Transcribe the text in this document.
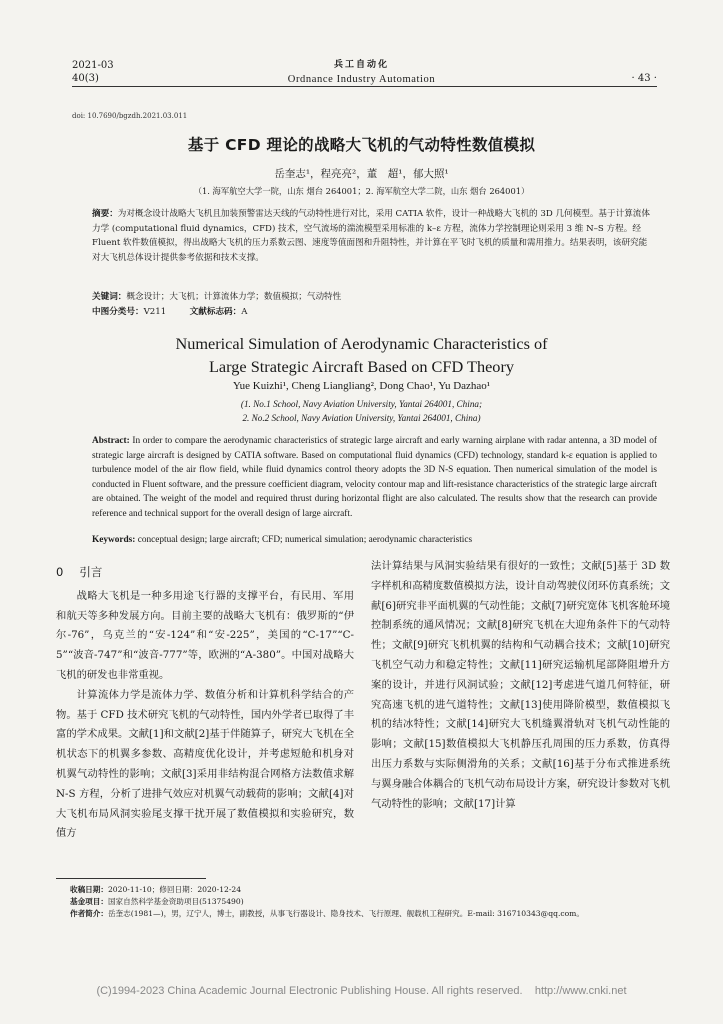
2021-03
40(3)
兵工自动化
Ordnance Industry Automation	· 43 ·
doi: 10.7690/bgzdh.2021.03.011
基于 CFD 理论的战略大飞机的气动特性数值模拟
岳奎志¹，程亮亮²，董　超¹，郁大照¹
（1. 海军航空大学一院，山东 烟台 264001；2. 海军航空大学二院，山东 烟台 264001）
摘要：为对概念设计战略大飞机且加装预警雷达天线的气动特性进行对比，采用 CATIA 软件，设计一种战略大飞机的 3D 几何模型。基于计算流体力学 (computational fluid dynamics，CFD) 技术，空气流场的湍流模型采用标准的 k–ε 方程，流体力学控制理论则采用 3 维 N–S 方程。经 Fluent 软件数值模拟，得出战略大飞机的压力系数云图、速度等值面图和升阻特性，并计算在平飞时飞机的质量和需用推力。结果表明，该研究能对大飞机总体设计提供参考依据和技术支撑。
关键词：概念设计；大飞机；计算流体力学；数值模拟；气动特性
中图分类号：V211	文献标志码：A
Numerical Simulation of Aerodynamic Characteristics of
Large Strategic Aircraft Based on CFD Theory
Yue Kuizhi¹, Cheng Liangliang², Dong Chao¹, Yu Dazhao¹
(1. No.1 School, Navy Aviation University, Yantai 264001, China;
2. No.2 School, Navy Aviation University, Yantai 264001, China)
Abstract: In order to compare the aerodynamic characteristics of strategic large aircraft and early warning airplane with radar antenna, a 3D model of strategic large aircraft is designed by CATIA software. Based on computational fluid dynamics (CFD) technology, standard k-ε equation is applied to turbulence model of the air flow field, while fluid dynamics control theory adopts the 3D N-S equation. Then numerical simulation of the model is conducted in Fluent software, and the pressure coefficient diagram, velocity contour map and lift-resistance characteristics of the strategic large aircraft are obtained. The weight of the model and required thrust during horizontal flight are also calculated. The results show that the research can provide reference and technical support for the overall design of large aircraft.
Keywords: conceptual design; large aircraft; CFD; numerical simulation; aerodynamic characteristics
0 引言

战略大飞机是一种多用途飞行器的支撑平台，有民用、军用和航天等多种发展方向。目前主要的战略大飞机有：俄罗斯的“伊尔-76”，乌克兰的“安-124”和“安-225”，美国的“C-17”“C-5”“波音-747”和“波音-777”等，欧洲的“A-380”。中国对战略大飞机的研发也非常重视。

计算流体力学是流体力学、数值分析和计算机科学结合的产物。基于 CFD 技术研究飞机的气动特性，国内外学者已取得了丰富的学术成果。文献[1]和文献[2]基于伴随算子，研究大飞机在全机状态下的机翼多参数、高精度优化设计，并考虑短舱和机身对机翼气动特性的影响；文献[3]采用非结构混合网格方法数值求解 N-S 方程，分析了进排气效应对机翼气动载荷的影响；文献[4]对大飞机布局风洞实验尾支撑干扰开展了数值模拟和实验研究，数值方

法计算结果与风洞实验结果有很好的一致性；文献[5]基于 3D 数字样机和高精度数值模拟方法，设计自动驾驶仪闭环仿真系统；文献[6]研究非平面机翼的气动性能；文献[7]研究宽体飞机客舱环境控制系统的通风情况；文献[8]研究飞机在大迎角条件下的气动特性；文献[9]研究飞机机翼的结构和气动耦合技术；文献[10]研究飞机空气动力和稳定特性；文献[11]研究运输机尾部降阻增升方案的设计，并进行风洞试验；文献[12]考虑进气道几何特征，研究高速飞机的进气道特性；文献[13]使用降阶模型，数值模拟飞机的结冰特性；文献[14]研究大飞机缝翼滑轨对飞机气动性能的影响；文献[15]数值模拟大飞机静压孔周围的压力系数，仿真得出压力系数与实际侧滑角的关系；文献[16]基于分布式推进系统与翼身融合体耦合的飞机气动布局设计方案，研究设计参数对飞机气动特性的影响；文献[17]计算

收稿日期：2020-11-10；修回日期：2020-12-24
基金项目：国家自然科学基金资助项目(51375490)
作者简介：岳奎志(1981—)，男，辽宁人，博士，副教授，从事飞行器设计、隐身技术、飞行原理、舰载机工程研究。E-mail: 316710343@qq.com。
(C)1994-2023 China Academic Journal Electronic Publishing House. All rights reserved.    http://www.cnki.net
